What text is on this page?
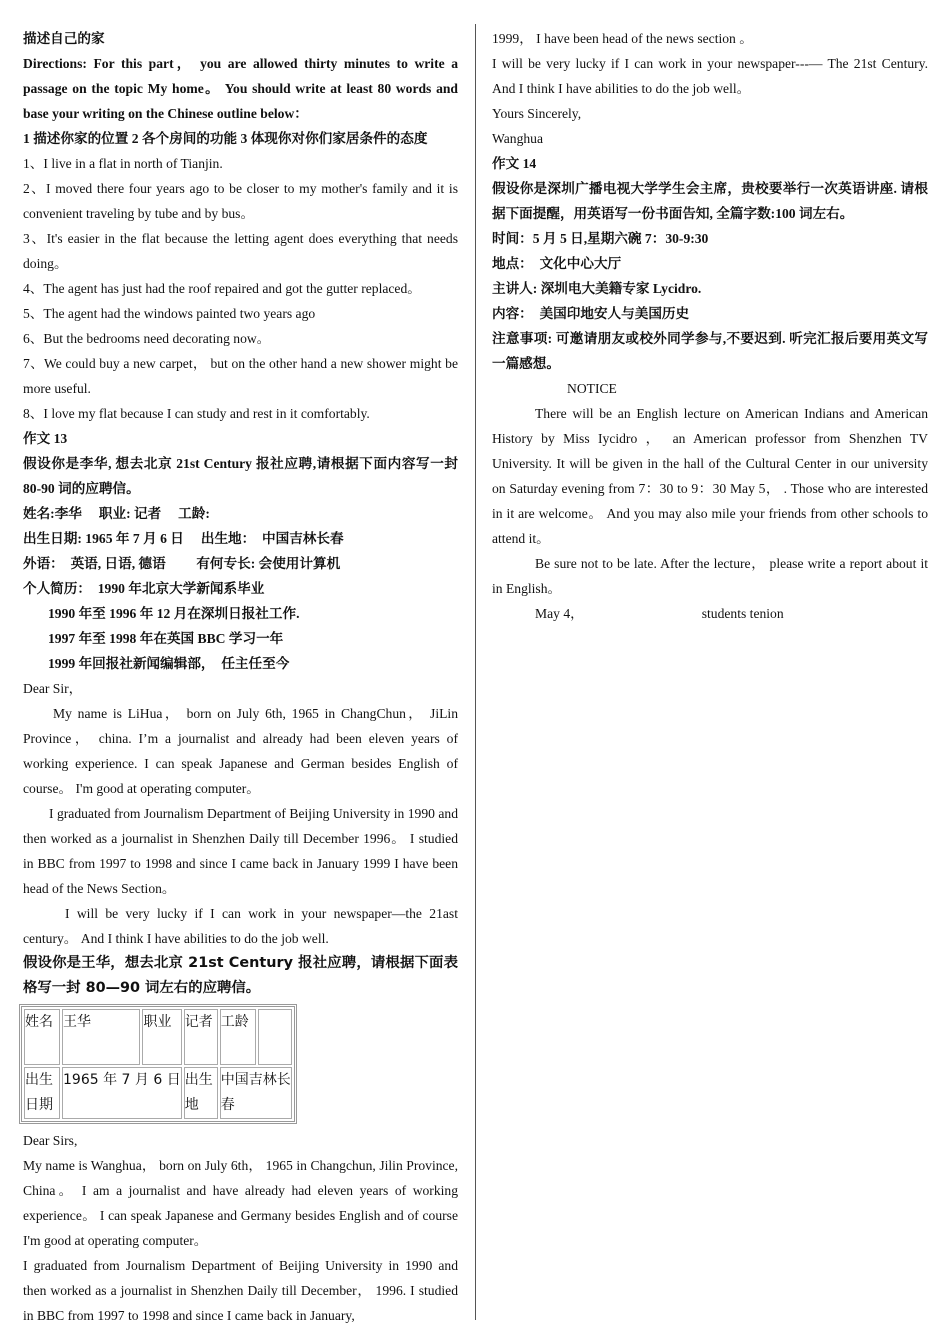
描述自己的家

Directions: For this part， you are allowed thirty minutes to write a passage on the topic My home。 You should write at least 80 words and base your writing on the Chinese outline below：

1 描述你家的位置 2 各个房间的功能 3 体现你对你们家居条件的态度

1、I live in a flat in north of Tianjin.

2、I moved there four years ago to be closer to my mother's family and it is convenient traveling by tube and by bus。

3、It's easier in the flat because the letting agent does everything that needs doing。

4、The agent has just had the roof repaired and got the gutter replaced。

5、The agent had the windows painted two years ago

6、But the bedrooms need decorating now。

7、We could buy a new carpet， but on the other hand a new shower might be more useful.

8、I love my flat because I can study and rest in it comfortably.

作文 13

假设你是李华, 想去北京 21st Century 报社应聘,请根据下面内容写一封 80-90 词的应聘信。

姓名:李华     职业: 记者     工龄:

出生日期: 1965 年 7 月 6 日     出生地：  中国吉林长春

外语：  英语, 日语, 德语         有何专长: 会使用计算机

个人简历：  1990 年北京大学新闻系毕业

1990 年至 1996 年 12 月在深圳日报社工作.

1997 年至 1998 年在英国 BBC 学习一年

1999 年回报社新闻编辑部，  任主任至今

Dear Sir，

My name is LiHua， born on July 6th, 1965 in ChangChun， JiLin Province， china. I’m a journalist and already had been eleven years of working experience. I can speak Japanese and German besides English of course。 I'm good at operating computer。

I graduated from Journalism Department of Beijing University in 1990 and then worked as a journalist in Shenzhen Daily till December 1996。 I studied in BBC from 1997 to 1998 and since I came back in January 1999 I have been head of the News Section。

I will be very lucky if I can work in your newspaper—the 21ast century。 And I think I have abilities to do the job well.

假设你是王华，想去北京 21st Century 报社应聘，请根据下面表格写一封 80—90 词左右的应聘信。

姓名	王华	职业	记者	工龄	
出生日期	1965 年 7 月 6 日		出生地	中国吉林长春	

Dear Sirs,

My name is Wanghua， born on July 6th， 1965 in Changchun, Jilin Province, China。 I am a journalist and have already had eleven years of working experience。 I can speak Japanese and Germany besides English and of course I'm good at operating computer。

I graduated from Journalism Department of Beijing University in 1990 and then worked as a journalist in Shenzhen Daily till December， 1996. I studied in BBC from 1997 to 1998 and since I came back in January,

1999， I have been head of the news section 。

I will be very lucky if I can work in your newspaper---— The 21st Century. And I think I have abilities to do the job well。

Yours Sincerely,

Wanghua

作文 14

假设你是深圳广播电视大学学生会主席，贵校要举行一次英语讲座. 请根据下面提醒，用英语写一份书面告知, 全篇字数:100 词左右。

时间：5 月 5 日,星期六碗 7：30-9:30

地点：  文化中心大厅

主讲人: 深圳电大美籍专家 Lycidro.

内容：  美国印地安人与美国历史

注意事项: 可邀请朋友或校外同学参与,不要迟到. 听完汇报后要用英文写一篇感想。

NOTICE

There will be an English lecture on American Indians and American History by Miss Iycidro ， an American professor from Shenzhen TV University. It will be given in the hall of the Cultural Center in our university on Saturday evening from 7：30 to 9：30 May 5， . Those who are interested in it are welcome。 And you may also mile your friends from other schools to attend it。

Be sure not to be late. After the lecture， please write a report about it in English。

May 4，	students tenion
